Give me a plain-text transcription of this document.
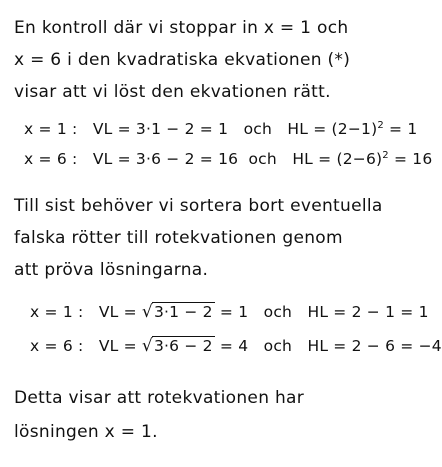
En kontroll där vi stoppar in x = 1 och
x = 6 i den kvadratiska ekvationen (*)
visar att vi löst den ekvationen rätt.
x = 1 : VL = 3·1 − 2 = 1 och HL = $(2-1)^2 = 1$
x = 6 : VL = 3·6 − 2 = 16 och HL = $(2-6)^2 = 16$
Till sist behöver vi sortera bort eventuella
falska rötter till rotekvationen genom
att pröva lösningarna.
x = 1 : VL = √3·1 − 2 = 1 och HL = 2 − 1 = 1
x = 6 : VL = √3·6 − 2 = 4 och HL = 2 − 6 = −4
Detta visar att rotekvationen har
lösningen x = 1.
